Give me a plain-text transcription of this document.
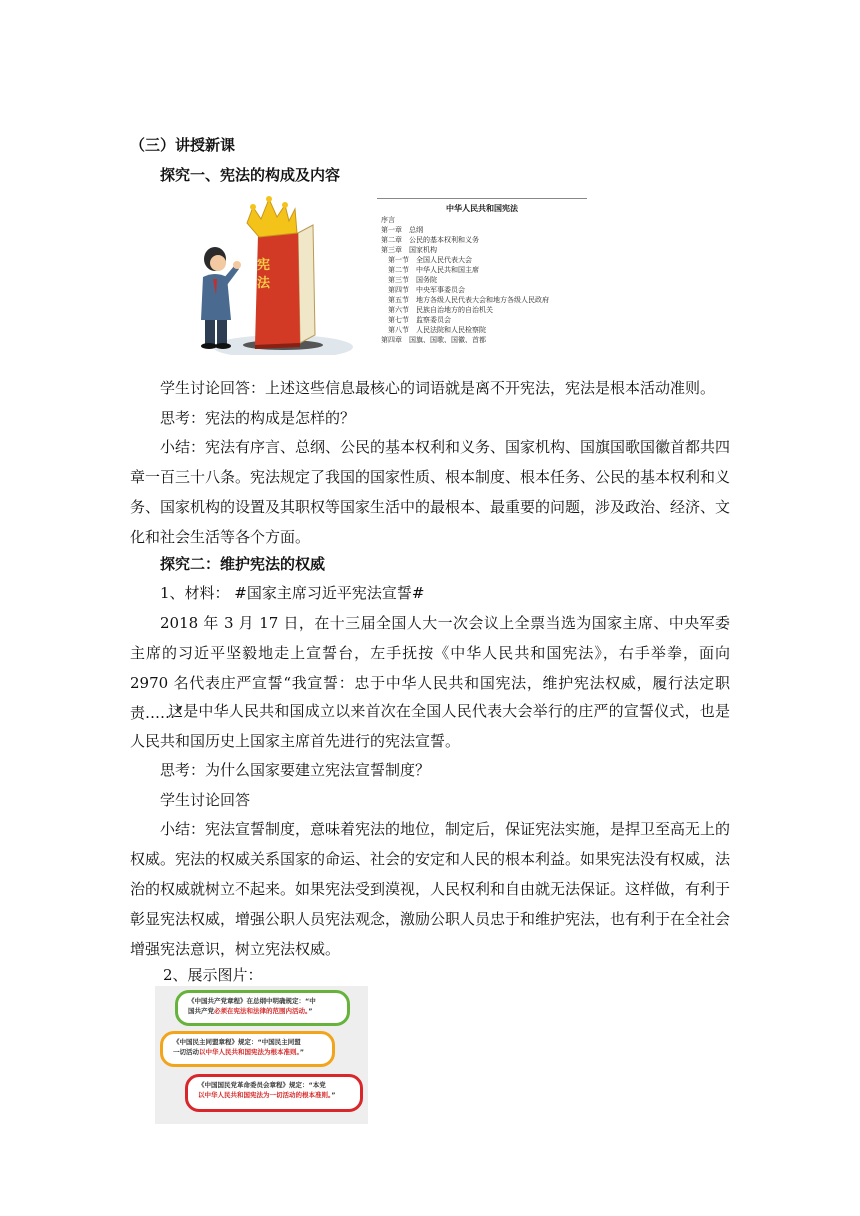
（三）讲授新课

探究一、宪法的构成及内容

宪法
中华人民共和国宪法
序言
第一章　总纲
第二章　公民的基本权利和义务
第三章　国家机构
　第一节　全国人民代表大会
　第二节　中华人民共和国主席
　第三节　国务院
　第四节　中央军事委员会
　第五节　地方各级人民代表大会和地方各级人民政府
　第六节　民族自治地方的自治机关
　第七节　监察委员会
　第八节　人民法院和人民检察院
第四章　国旗、国歌、国徽、首都

学生讨论回答：上述这些信息最核心的词语就是离不开宪法，宪法是根本活动准则。

思考：宪法的构成是怎样的？

小结：宪法有序言、总纲、公民的基本权利和义务、国家机构、国旗国歌国徽首都共四章一百三十八条。宪法规定了我国的国家性质、根本制度、根本任务、公民的基本权利和义务、国家机构的设置及其职权等国家生活中的最根本、最重要的问题，涉及政治、经济、文化和社会生活等各个方面。

探究二：维护宪法的权威

1、材料： #国家主席习近平宪法宣誓#

2018 年 3 月 17 日，在十三届全国人大一次会议上全票当选为国家主席、中央军委主席的习近平坚毅地走上宣誓台，左手抚按《中华人民共和国宪法》，右手举拳，面向 2970 名代表庄严宣誓“我宣誓：忠于中华人民共和国宪法，维护宪法权威，履行法定职责……”

这是中华人民共和国成立以来首次在全国人民代表大会举行的庄严的宣誓仪式，也是人民共和国历史上国家主席首先进行的宪法宣誓。

思考：为什么国家要建立宪法宣誓制度？

学生讨论回答

小结：宪法宣誓制度，意味着宪法的地位，制定后，保证宪法实施，是捍卫至高无上的权威。宪法的权威关系国家的命运、社会的安定和人民的根本利益。如果宪法没有权威，法治的权威就树立不起来。如果宪法受到漠视，人民权利和自由就无法保证。这样做，有利于彰显宪法权威，增强公职人员宪法观念，激励公职人员忠于和维护宪法，也有利于在全社会增强宪法意识，树立宪法权威。

2、展示图片：

《中国共产党章程》在总纲中明确规定：“中
国共产党必须在宪法和法律的范围内活动。”
《中国民主同盟章程》规定：“中国民主同盟
一切活动以中华人民共和国宪法为根本准则。”
《中国国民党革命委员会章程》规定：“本党
以中华人民共和国宪法为一切活动的根本准则。”
